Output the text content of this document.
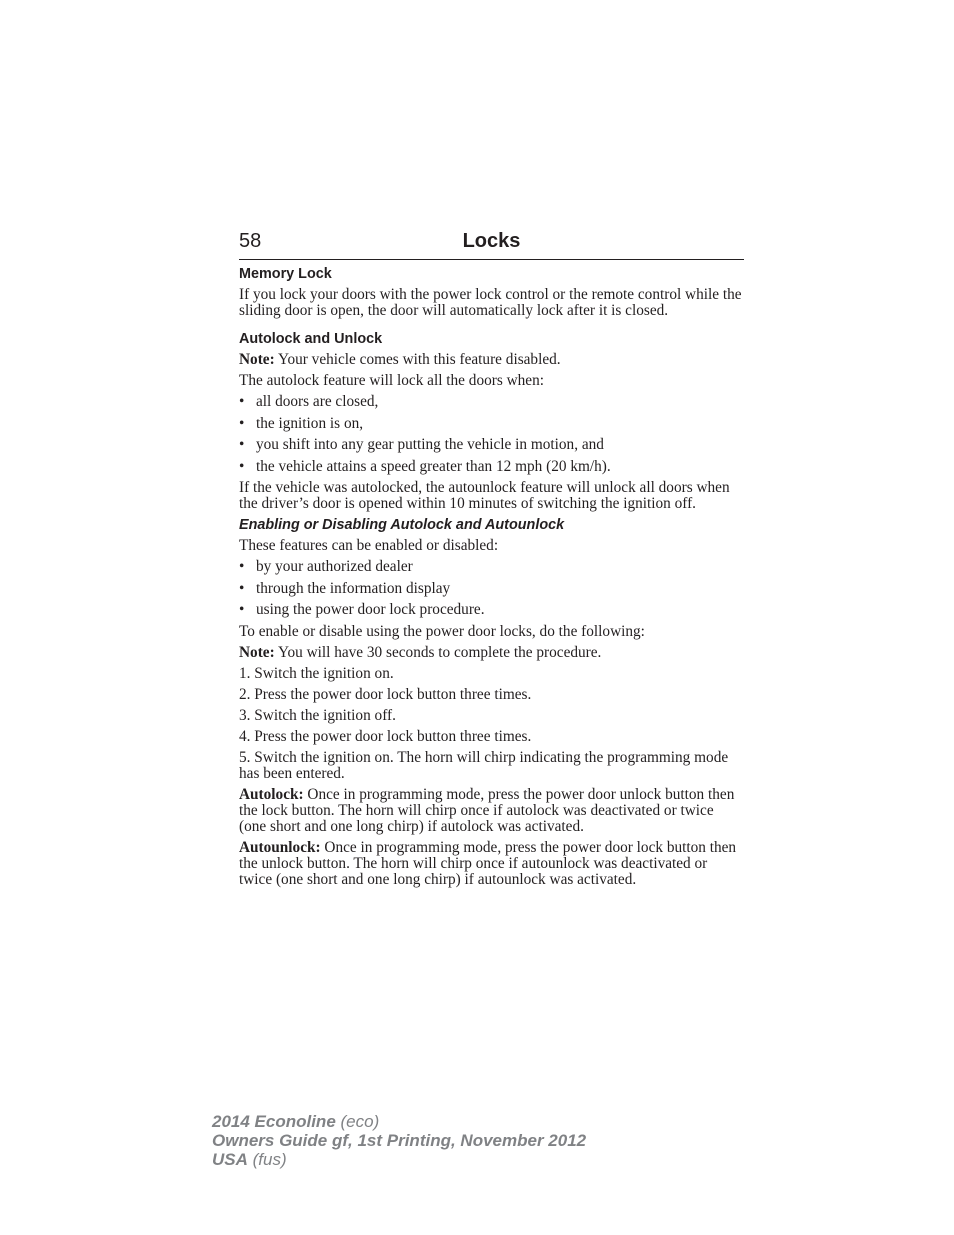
58	Locks
Memory Lock
If you lock your doors with the power lock control or the remote control while the sliding door is open, the door will automatically lock after it is closed.
Autolock and Unlock
Note: Your vehicle comes with this feature disabled.
The autolock feature will lock all the doors when:
• all doors are closed,
• the ignition is on,
• you shift into any gear putting the vehicle in motion, and
• the vehicle attains a speed greater than 12 mph (20 km/h).
If the vehicle was autolocked, the autounlock feature will unlock all doors when the driver’s door is opened within 10 minutes of switching the ignition off.
Enabling or Disabling Autolock and Autounlock
These features can be enabled or disabled:
• by your authorized dealer
• through the information display
• using the power door lock procedure.
To enable or disable using the power door locks, do the following:
Note: You will have 30 seconds to complete the procedure.
1. Switch the ignition on.
2. Press the power door lock button three times.
3. Switch the ignition off.
4. Press the power door lock button three times.
5. Switch the ignition on. The horn will chirp indicating the programming mode has been entered.
Autolock: Once in programming mode, press the power door unlock button then the lock button. The horn will chirp once if autolock was deactivated or twice (one short and one long chirp) if autolock was activated.
Autounlock: Once in programming mode, press the power door lock button then the unlock button. The horn will chirp once if autounlock was deactivated or twice (one short and one long chirp) if autounlock was activated.
2014 Econoline (eco)
Owners Guide gf, 1st Printing, November 2012
USA (fus)
